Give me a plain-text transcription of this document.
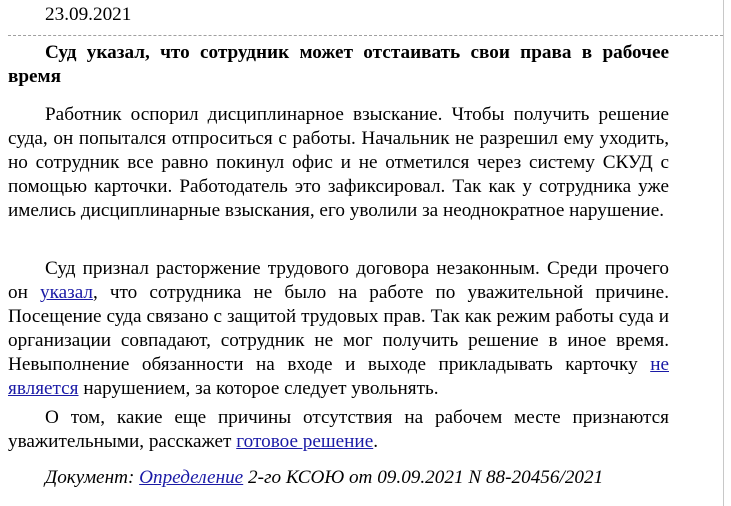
23.09.2021
Суд указал, что сотрудник может отстаивать свои права в рабочее время

Работник оспорил дисциплинарное взыскание. Чтобы получить решение суда, он попытался отпроситься с работы. Начальник не разрешил ему уходить, но сотрудник все равно покинул офис и не отметился через систему СКУД с помощью карточки. Работодатель это зафиксировал. Так как у сотрудника уже имелись дисциплинарные взыскания, его уволили за неоднократное нарушение.

Суд признал расторжение трудового договора незаконным. Среди прочего он указал, что сотрудника не было на работе по уважительной причине. Посещение суда связано с защитой трудовых прав. Так как режим работы суда и организации совпадают, сотрудник не мог получить решение в иное время. Невыполнение обязанности на входе и выходе прикладывать карточку не является нарушением, за которое следует увольнять.

О том, какие еще причины отсутствия на рабочем месте признаются уважительными, расскажет готовое решение.

Документ: Определение 2-го КСОЮ от 09.09.2021 N 88-20456/2021
